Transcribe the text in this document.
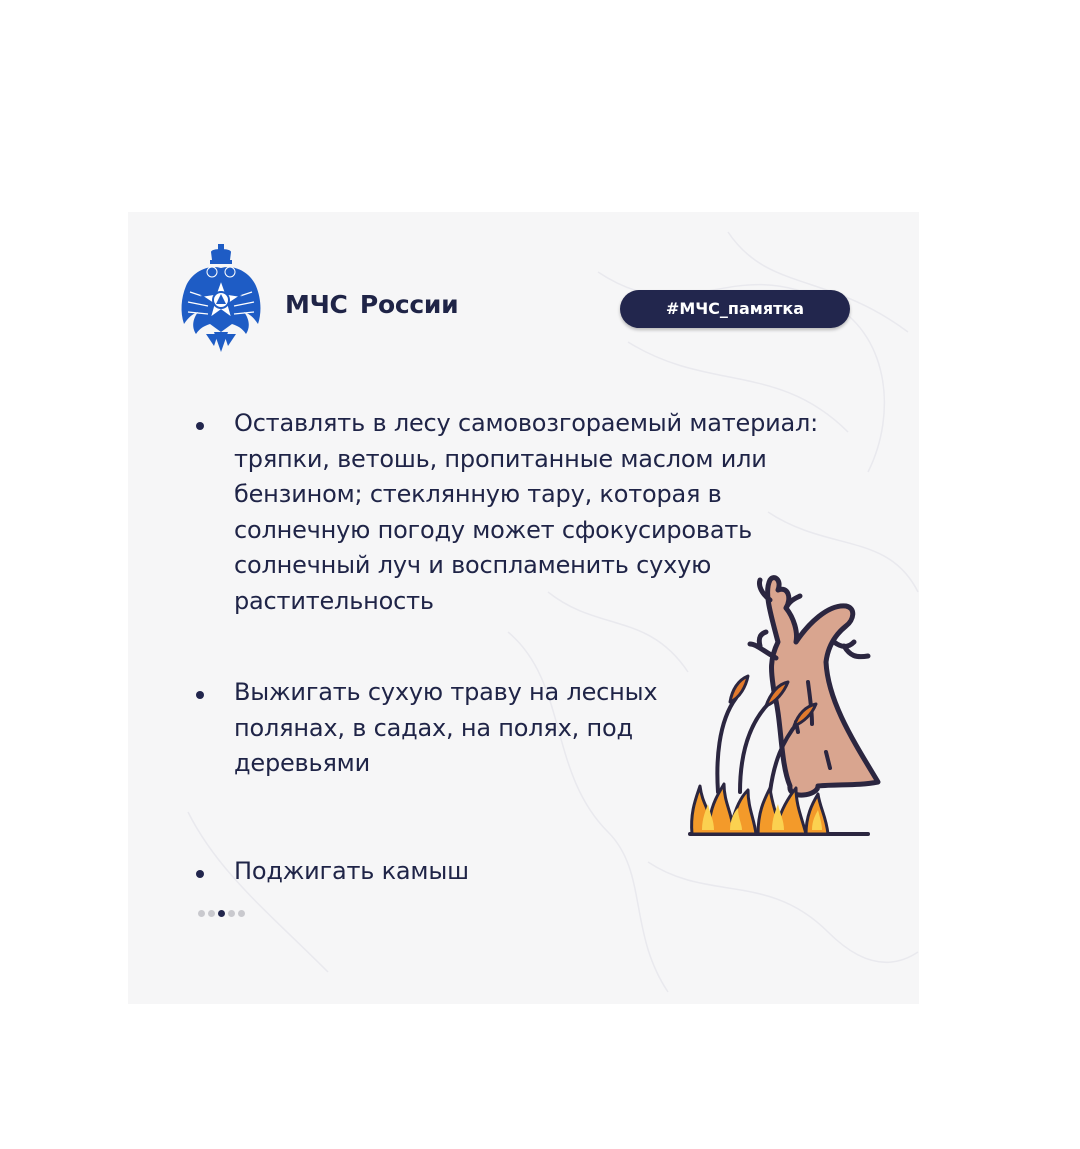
МЧС России	#МЧС_памятка
Оставлять в лесу самовозгораемый материал:
тряпки, ветошь, пропитанные маслом или
бензином; стеклянную тару, которая в
солнечную погоду может сфокусировать
солнечный луч и воспламенить сухую
растительность
Выжигать сухую траву на лесных
полянах, в садах, на полях, под
деревьями
Поджигать камыш
